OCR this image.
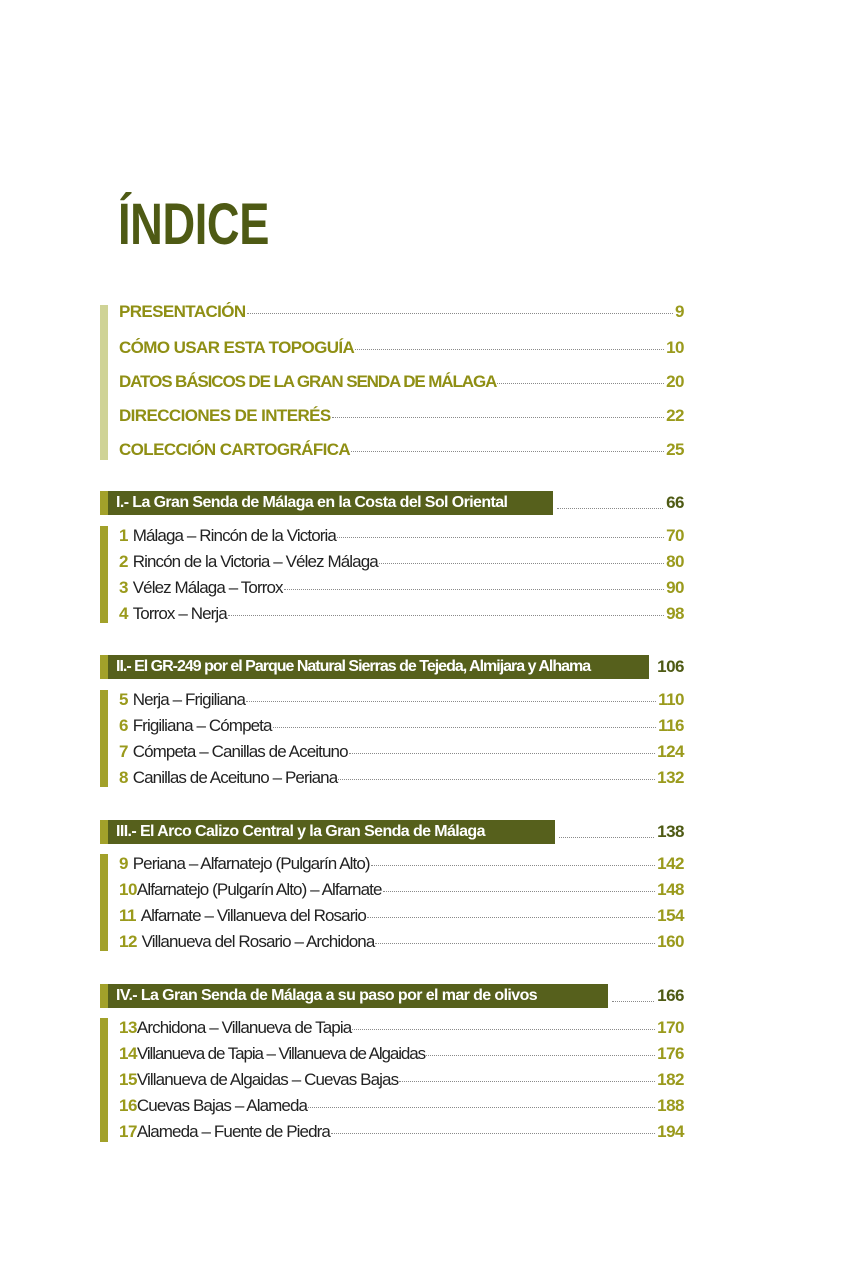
ÍNDICE
PRESENTACIÓN	9
CÓMO USAR ESTA TOPOGUÍA	10
DATOS BÁSICOS DE LA GRAN SENDA DE MÁLAGA	20
DIRECCIONES DE INTERÉS	22
COLECCIÓN CARTOGRÁFICA	25
I.- La Gran Senda de Málaga en la Costa del Sol Oriental	66
1 Málaga – Rincón de la Victoria	70
2 Rincón de la Victoria – Vélez Málaga	80
3 Vélez Málaga – Torrox	90
4 Torrox – Nerja	98
II.- El GR-249 por el Parque Natural Sierras de Tejeda, Almijara y Alhama	106
5 Nerja – Frigiliana	110
6 Frigiliana – Cómpeta	116
7 Cómpeta – Canillas de Aceituno	124
8 Canillas de Aceituno – Periana	132
III.- El Arco Calizo Central y la Gran Senda de Málaga	138
9 Periana – Alfarnatejo (Pulgarín Alto)	142
10Alfarnatejo (Pulgarín Alto) – Alfarnate	148
11 Alfarnate – Villanueva del Rosario	154
12 Villanueva del Rosario – Archidona	160
IV.- La Gran Senda de Málaga a su paso por el mar de olivos	166
13Archidona – Villanueva de Tapia	170
14Villanueva de Tapia – Villanueva de Algaidas	176
15Villanueva de Algaidas – Cuevas Bajas	182
16Cuevas Bajas – Alameda	188
17Alameda – Fuente de Piedra	194
